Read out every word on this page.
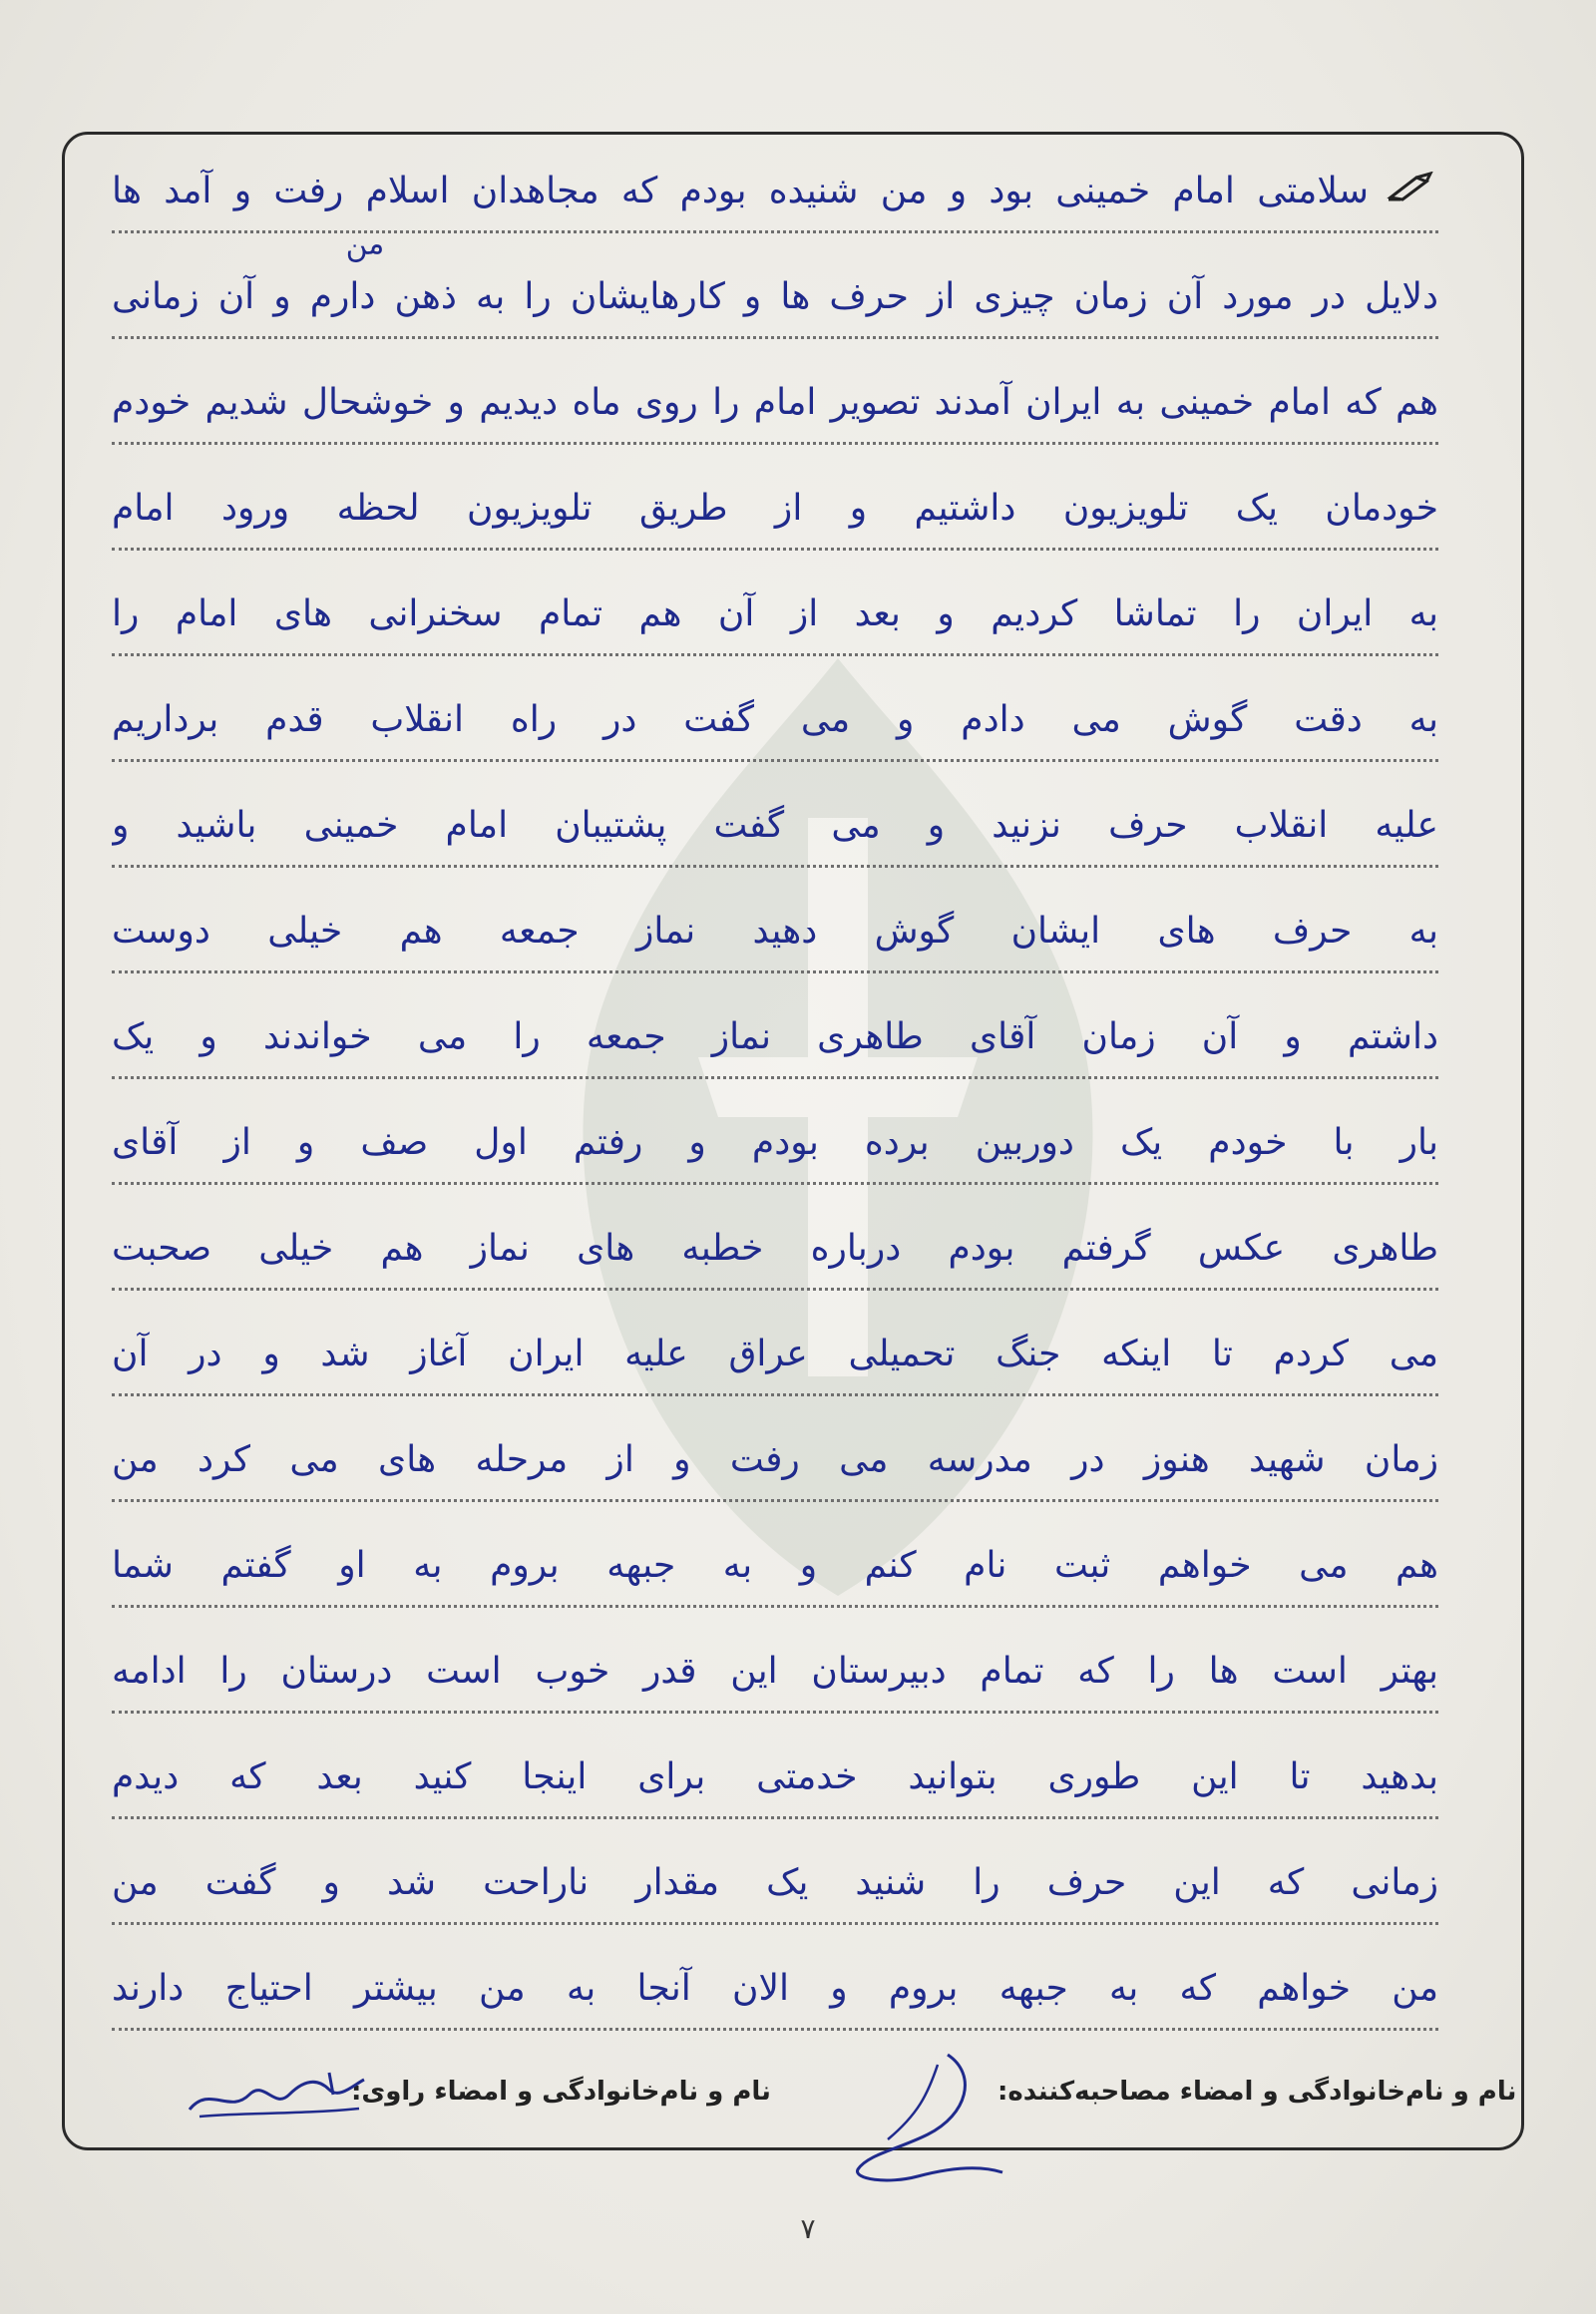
من
سلامتی امام خمینی بود و من شنیده بودم که مجاهدان اسلام رفت و آمد ها
دلایل در مورد آن زمان چیزی از حرف ها و کارهایشان را به ذهن دارم و آن زمانی
هم که امام خمینی به ایران آمدند تصویر امام را روی ماه دیدیم و خوشحال شدیم خودم
خودمان یک تلویزیون داشتیم و از طریق تلویزیون لحظه ورود امام
به ایران را تماشا کردیم و بعد از آن هم تمام سخنرانی های امام را
به دقت گوش می دادم و می گفت در راه انقلاب قدم برداریم
علیه انقلاب حرف نزنید و می گفت پشتیبان امام خمینی باشید و
به حرف های ایشان گوش دهید نماز جمعه هم خیلی دوست
داشتم و آن زمان آقای طاهری نماز جمعه را می خواندند و یک
بار با خودم یک دوربین برده بودم و رفتم اول صف و از آقای
طاهری عکس گرفتم بودم درباره خطبه های نماز هم خیلی صحبت
می کردم تا اینکه جنگ تحمیلی عراق علیه ایران آغاز شد و در آن
زمان شهید هنوز در مدرسه می رفت و از مرحله های می کرد من
هم می خواهم ثبت نام کنم و به جبهه بروم به او گفتم شما
بهتر است ها را که تمام دبیرستان این قدر خوب است درستان را ادامه
بدهید تا این طوری بتوانید خدمتی برای اینجا کنید بعد که دیدم
زمانی که این حرف را شنید یک مقدار ناراحت شد و گفت من
من خواهم که به جبهه بروم و الان آنجا به من بیشتر احتیاج دارند
نام و نام‌خانوادگی و امضاء مصاحبه‌کننده:
نام و نام‌خانوادگی و امضاء راوی:
۷
